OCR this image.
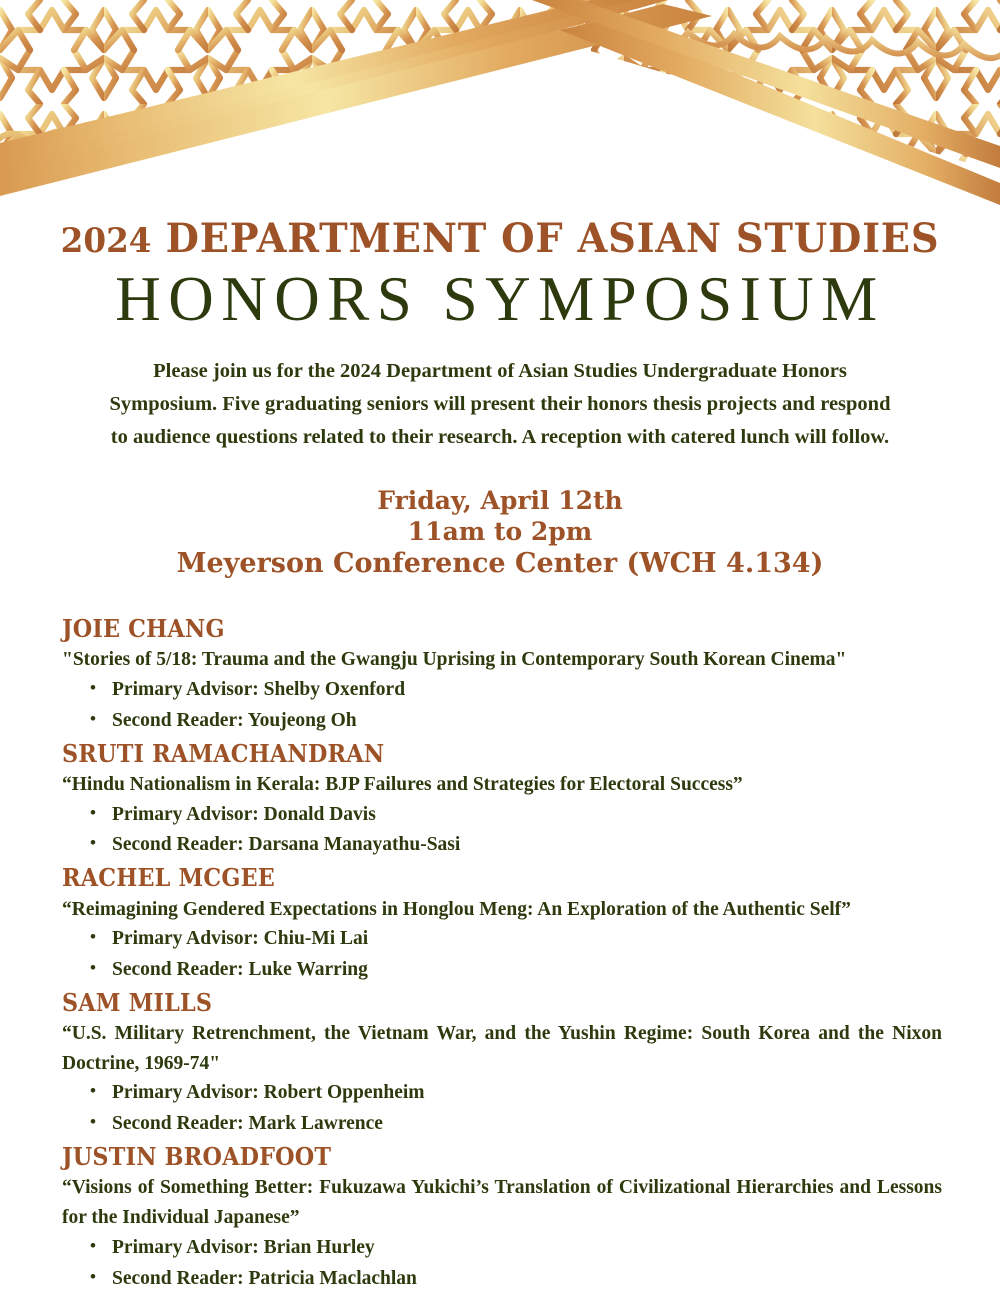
2024 DEPARTMENT OF ASIAN STUDIES
HONORS SYMPOSIUM

Please join us for the 2024 Department of Asian Studies Undergraduate Honors Symposium. Five graduating seniors will present their honors thesis projects and respond to audience questions related to their research. A reception with catered lunch will follow.

Friday, April 12th
11am to 2pm
Meyerson Conference Center (WCH 4.134)
JOIE CHANG
"Stories of 5/18: Trauma and the Gwangju Uprising in Contemporary South Korean Cinema"
• Primary Advisor: Shelby Oxenford
• Second Reader: Youjeong Oh
SRUTI RAMACHANDRAN
“Hindu Nationalism in Kerala: BJP Failures and Strategies for Electoral Success”
• Primary Advisor: Donald Davis
• Second Reader: Darsana Manayathu-Sasi
RACHEL MCGEE
“Reimagining Gendered Expectations in Honglou Meng: An Exploration of the Authentic Self”
• Primary Advisor: Chiu-Mi Lai
• Second Reader: Luke Warring
SAM MILLS
“U.S. Military Retrenchment, the Vietnam War, and the Yushin Regime: South Korea and the Nixon Doctrine, 1969-74"
• Primary Advisor: Robert Oppenheim
• Second Reader: Mark Lawrence
JUSTIN BROADFOOT
“Visions of Something Better: Fukuzawa Yukichi’s Translation of Civilizational Hierarchies and Lessons for the Individual Japanese”
• Primary Advisor: Brian Hurley
• Second Reader: Patricia Maclachlan
